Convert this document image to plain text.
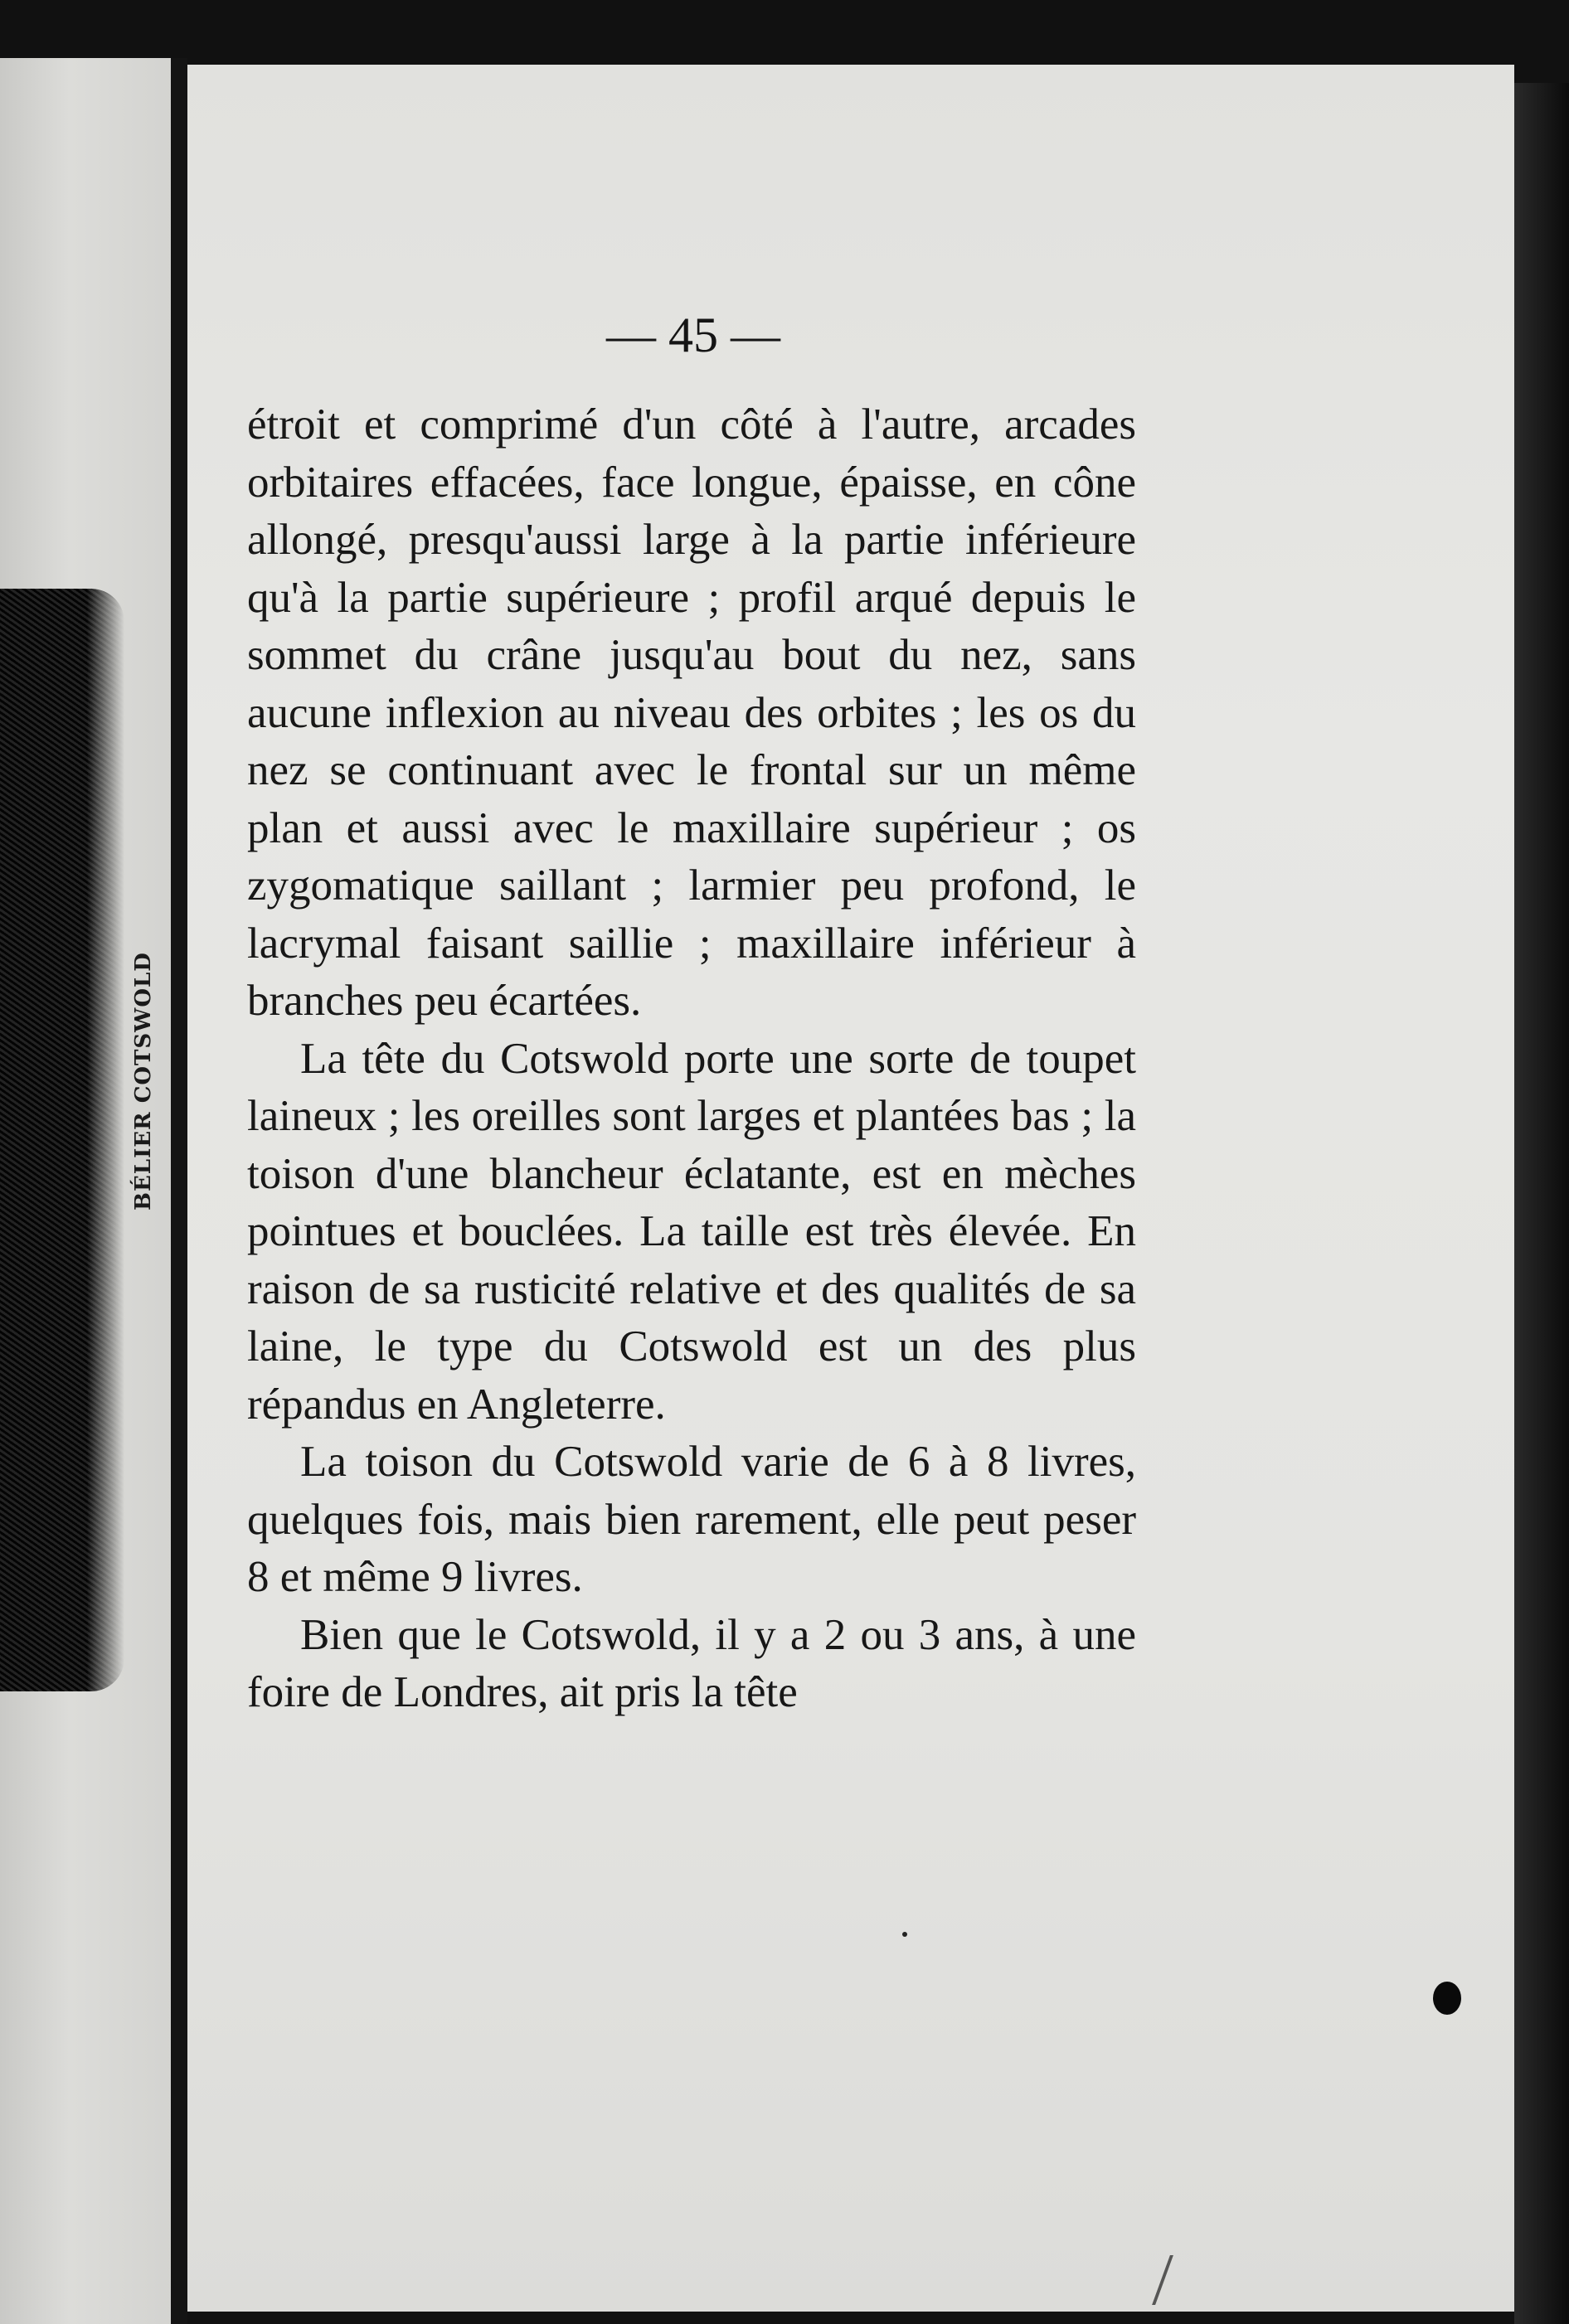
BÉLIER COTSWOLD
— 45 —

étroit et comprimé d'un côté à l'autre, arcades orbitaires effacées, face longue, épaisse, en cône allongé, presqu'aussi large à la partie inférieure qu'à la partie supérieure ; profil arqué depuis le sommet du crâne jusqu'au bout du nez, sans aucune inflexion au niveau des orbites ; les os du nez se continuant avec le frontal sur un même plan et aussi avec le maxillaire supérieur ; os zygomatique saillant ; larmier peu profond, le lacrymal faisant saillie ; maxillaire inférieur à branches peu écartées.

La tête du Cotswold porte une sorte de toupet laineux ; les oreilles sont larges et plantées bas ; la toison d'une blancheur éclatante, est en mèches pointues et bouclées. La taille est très élevée. En raison de sa rusticité relative et des qualités de sa laine, le type du Cotswold est un des plus répandus en Angleterre.

La toison du Cotswold varie de 6 à 8 livres, quelques fois, mais bien rarement, elle peut peser 8 et même 9 livres.

Bien que le Cotswold, il y a 2 ou 3 ans, à une foire de Londres, ait pris la tête
